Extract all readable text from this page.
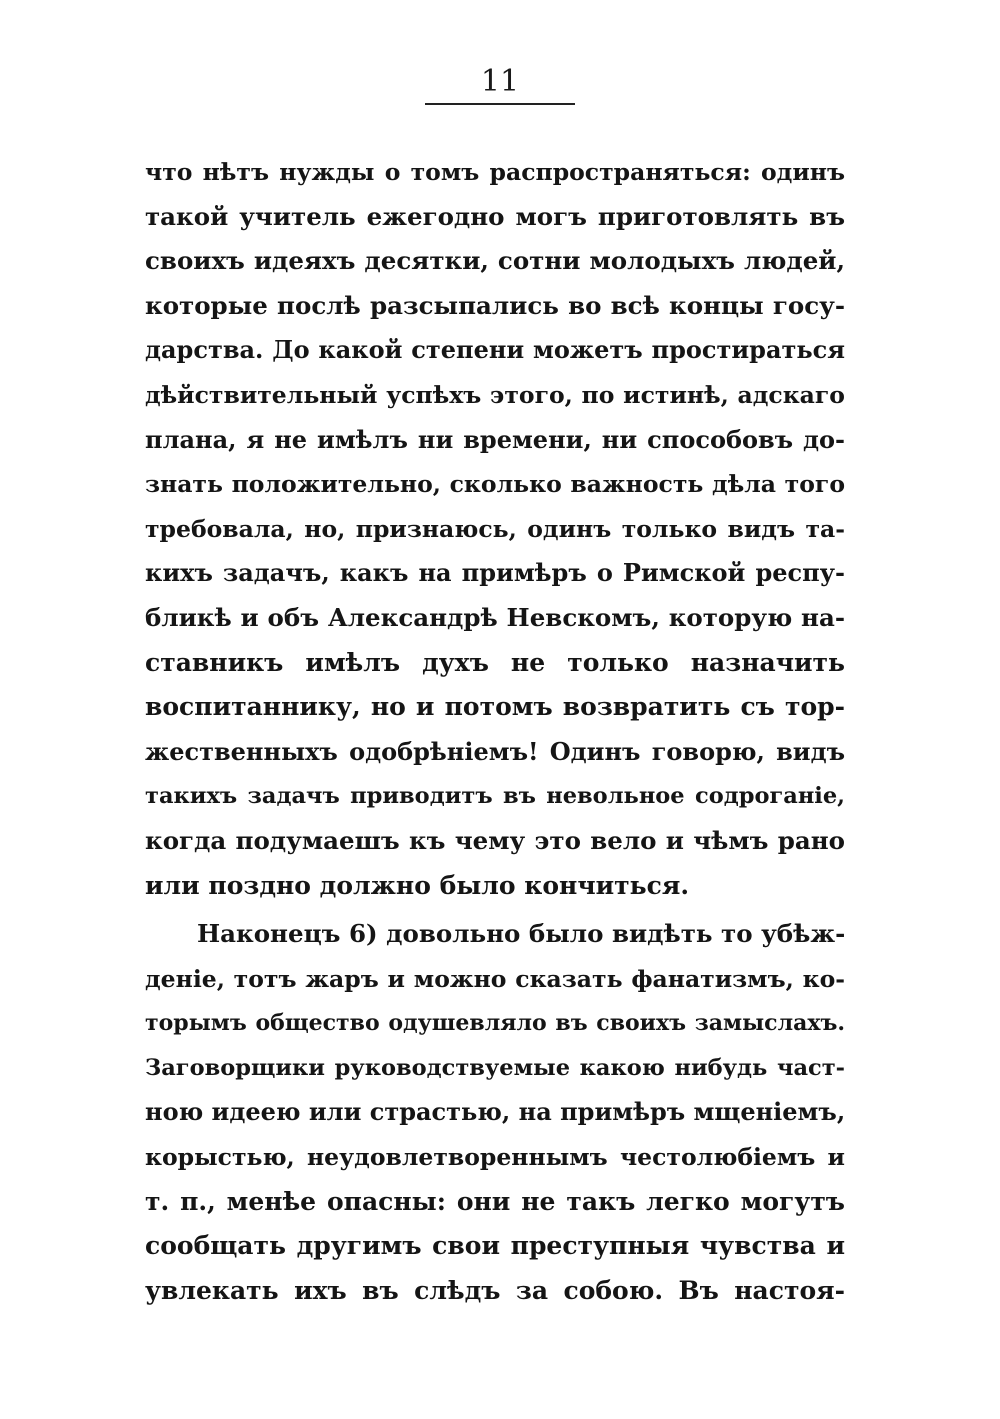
11
что нѣтъ нужды о томъ распространяться: одинъ
такой учитель ежегодно могъ приготовлять въ
своихъ идеяхъ десятки, сотни молодыхъ людей,
которые послѣ разсыпались во всѣ концы госу-
дарства. До какой степени можетъ простираться
дѣйствительный успѣхъ этого, по истинѣ, адскаго
плана, я не имѣлъ ни времени, ни способовъ до-
знать положительно, сколько важность дѣла того
требовала, но, признаюсь, одинъ только видъ та-
кихъ задачъ, какъ на примѣръ о Римской респу-
бликѣ и объ Александрѣ Невскомъ, которую на-
ставникъ имѣлъ духъ не только назначить
воспитаннику, но и потомъ возвратить съ тор-
жественныхъ одобрѣніемъ! Одинъ говорю, видъ
такихъ задачъ приводитъ въ невольное содроганіе,
когда подумаешъ къ чему это вело и чѣмъ рано
или поздно должно было кончиться.
Наконецъ 6) довольно было видѣть то убѣж-
деніе, тотъ жаръ и можно сказать фанатизмъ, ко-
торымъ общество одушевляло въ своихъ замыслахъ.
Заговорщики руководствуемые какою нибудь част-
ною идеею или страстью, на примѣръ мщеніемъ,
корыстью, неудовлетвореннымъ честолюбіемъ и
т. п., менѣе опасны: они не такъ легко могутъ
сообщать другимъ свои преступныя чувства и
увлекать ихъ въ слѣдъ за собою. Въ настоя-
